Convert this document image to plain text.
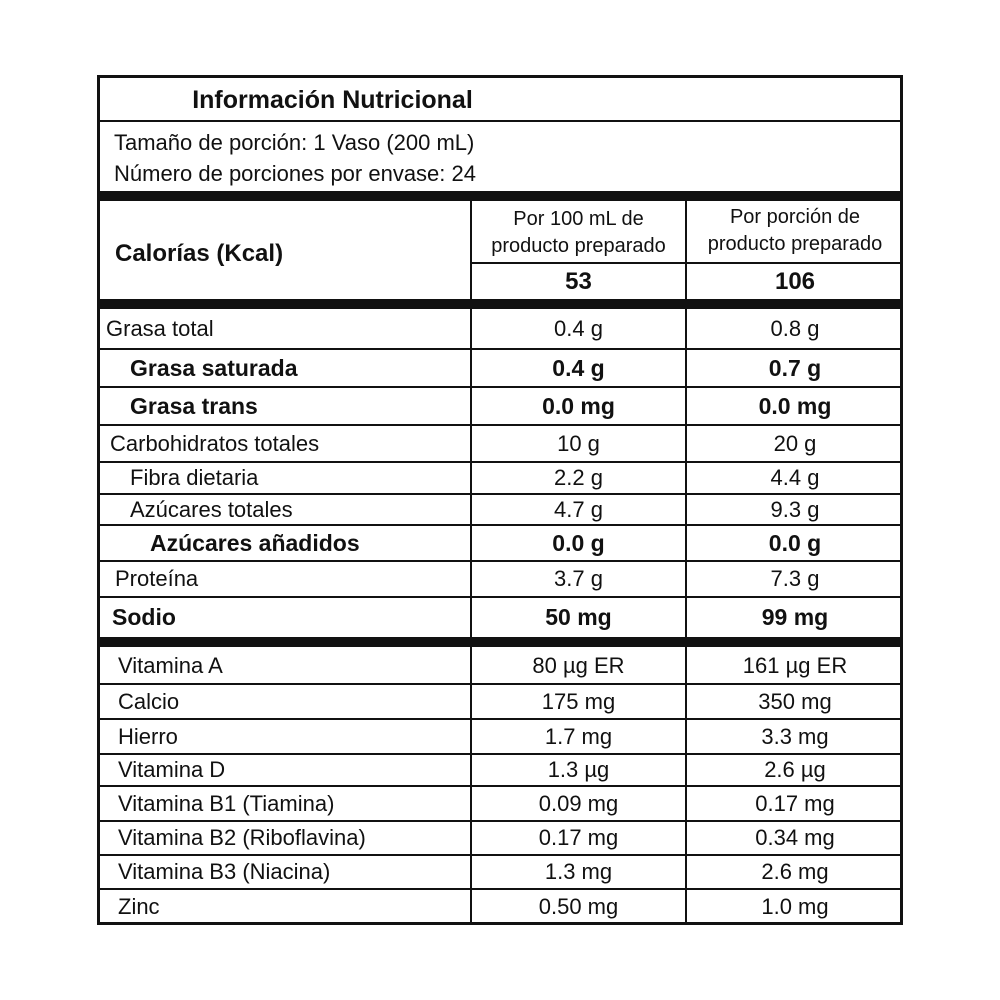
Información Nutricional
Tamaño de porción: 1 Vaso (200 mL)
Número de porciones por envase: 24
Calorías (Kcal)
Por 100 mL de
producto preparado
Por porción de
producto preparado
53	106
Grasa total	0.4 g	0.8 g
Grasa saturada	0.4 g	0.7 g
Grasa trans	0.0 mg	0.0 mg
Carbohidratos totales	10 g	20 g
Fibra dietaria	2.2 g	4.4 g
Azúcares totales	4.7 g	9.3 g
Azúcares añadidos	0.0 g	0.0 g
Proteína	3.7 g	7.3 g
Sodio	50 mg	99 mg
Vitamina A	80 µg ER	161 µg ER
Calcio	175 mg	350 mg
Hierro	1.7 mg	3.3 mg
Vitamina D	1.3 µg	2.6 µg
Vitamina B1 (Tiamina)	0.09 mg	0.17 mg
Vitamina B2 (Riboflavina)	0.17 mg	0.34 mg
Vitamina B3 (Niacina)	1.3 mg	2.6 mg
Zinc	0.50 mg	1.0 mg
